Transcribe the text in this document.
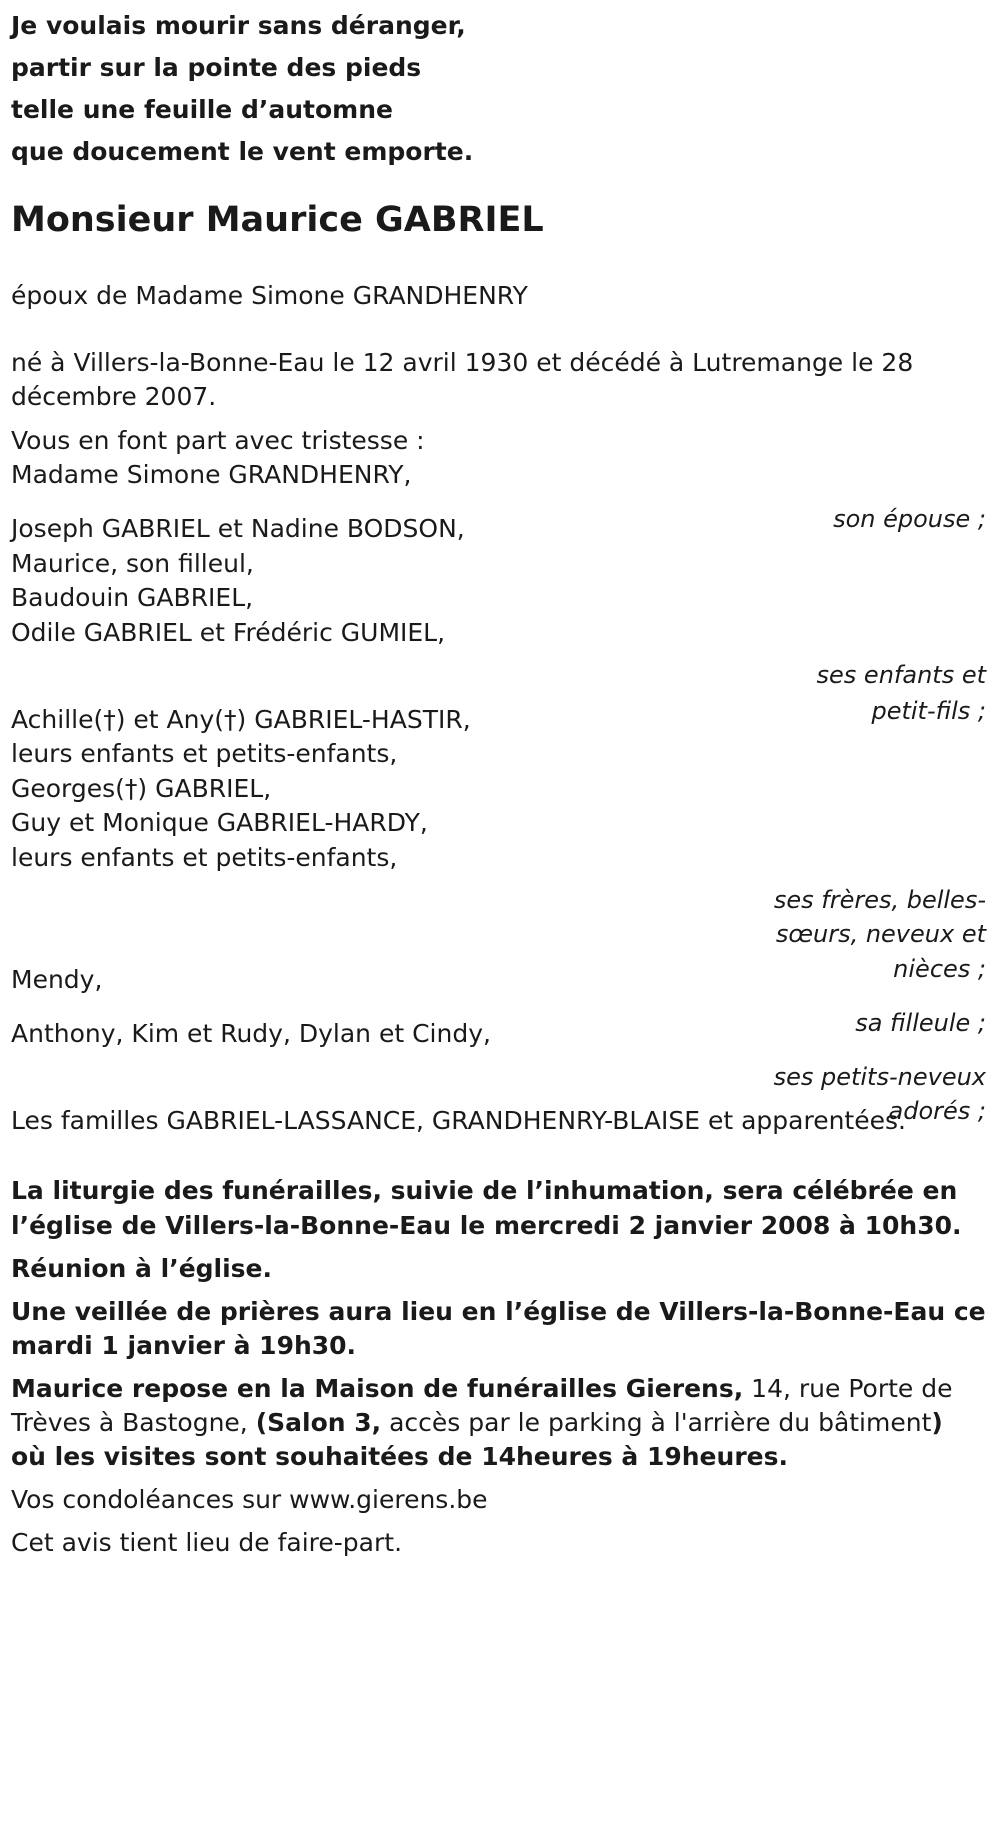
Je voulais mourir sans déranger,

partir sur la pointe des pieds

telle une feuille d’automne

que doucement le vent emporte.

Monsieur Maurice GABRIEL

époux de Madame Simone GRANDHENRY

né à Villers-la-Bonne-Eau le 12 avril 1930 et décédé à Lutremange le 28

décembre 2007.

Vous en font part avec tristesse :

Madame Simone GRANDHENRY,

son épouse ;

Joseph GABRIEL et Nadine BODSON,

Maurice, son filleul,

Baudouin GABRIEL,

Odile GABRIEL et Frédéric GUMIEL,

ses enfants et

petit-fils ;

Achille(†) et Any(†) GABRIEL-HASTIR,

leurs enfants et petits-enfants,

Georges(†) GABRIEL,

Guy et Monique GABRIEL-HARDY,

leurs enfants et petits-enfants,

ses frères, belles-

sœurs, neveux et

nièces ;

Mendy,

sa filleule ;

Anthony, Kim et Rudy, Dylan et Cindy,

ses petits-neveux

adorés ;

Les familles GABRIEL-LASSANCE, GRANDHENRY-BLAISE et apparentées.

La liturgie des funérailles, suivie de l’inhumation, sera célébrée en

l’église de Villers-la-Bonne-Eau le mercredi 2 janvier 2008 à 10h30.

Réunion à l’église.

Une veillée de prières aura lieu en l’église de Villers-la-Bonne-Eau ce

mardi 1 janvier à 19h30.

Maurice repose en la Maison de funérailles Gierens, 14, rue Porte de

Trèves à Bastogne, (Salon 3, accès par le parking à l'arrière du bâtiment)

où les visites sont souhaitées de 14heures à 19heures.

Vos condoléances sur www.gierens.be

Cet avis tient lieu de faire-part.
